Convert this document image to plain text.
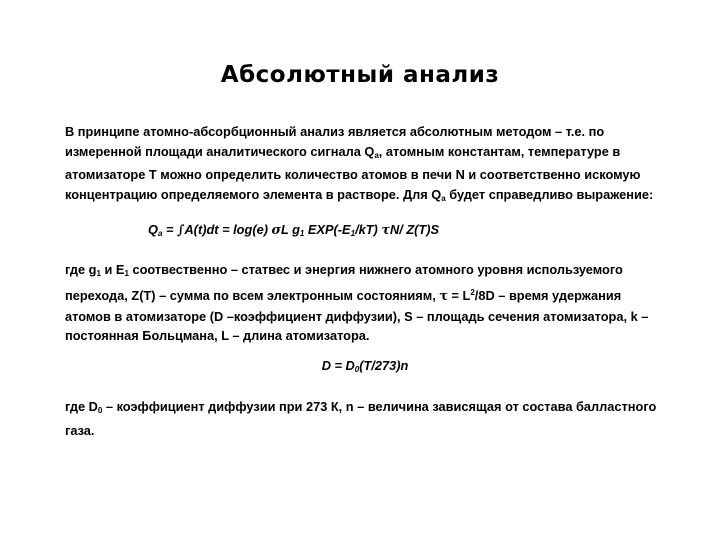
Абсолютный анализ

В принципе атомно-абсорбционный анализ является абсолютным методом – т.е. по измеренной площади аналитического сигнала $Q_a$, атомным константам, температуре в атомизаторе Т можно определить количество атомов в печи N и соответственно искомую концентрацию определяемого элемента в растворе. Для $Q_a$ будет справедливо выражение:

$Q_a = \int A(t)dt = \log(e)$ σL $g_1$ $EXP(-E_1/kT)$ τN/ Z(T)S

где $g_1$ и $Е_1$ соотвественно – статвес и энергия нижнего атомного уровня используемого перехода, Z(T) – сумма по всем электронным состояниям, $\tau = L^2/8D$ – время удержания атомов в атомизаторе (D –коэффициент диффузии), S – площадь сечения атомизатора, k – постоянная Больцмана, L – длина атомизатора.

$D = D_0(T/273)n$

где $D_0$ – коэффициент диффузии при 273 К, n – величина зависящая от состава балластного газа.
